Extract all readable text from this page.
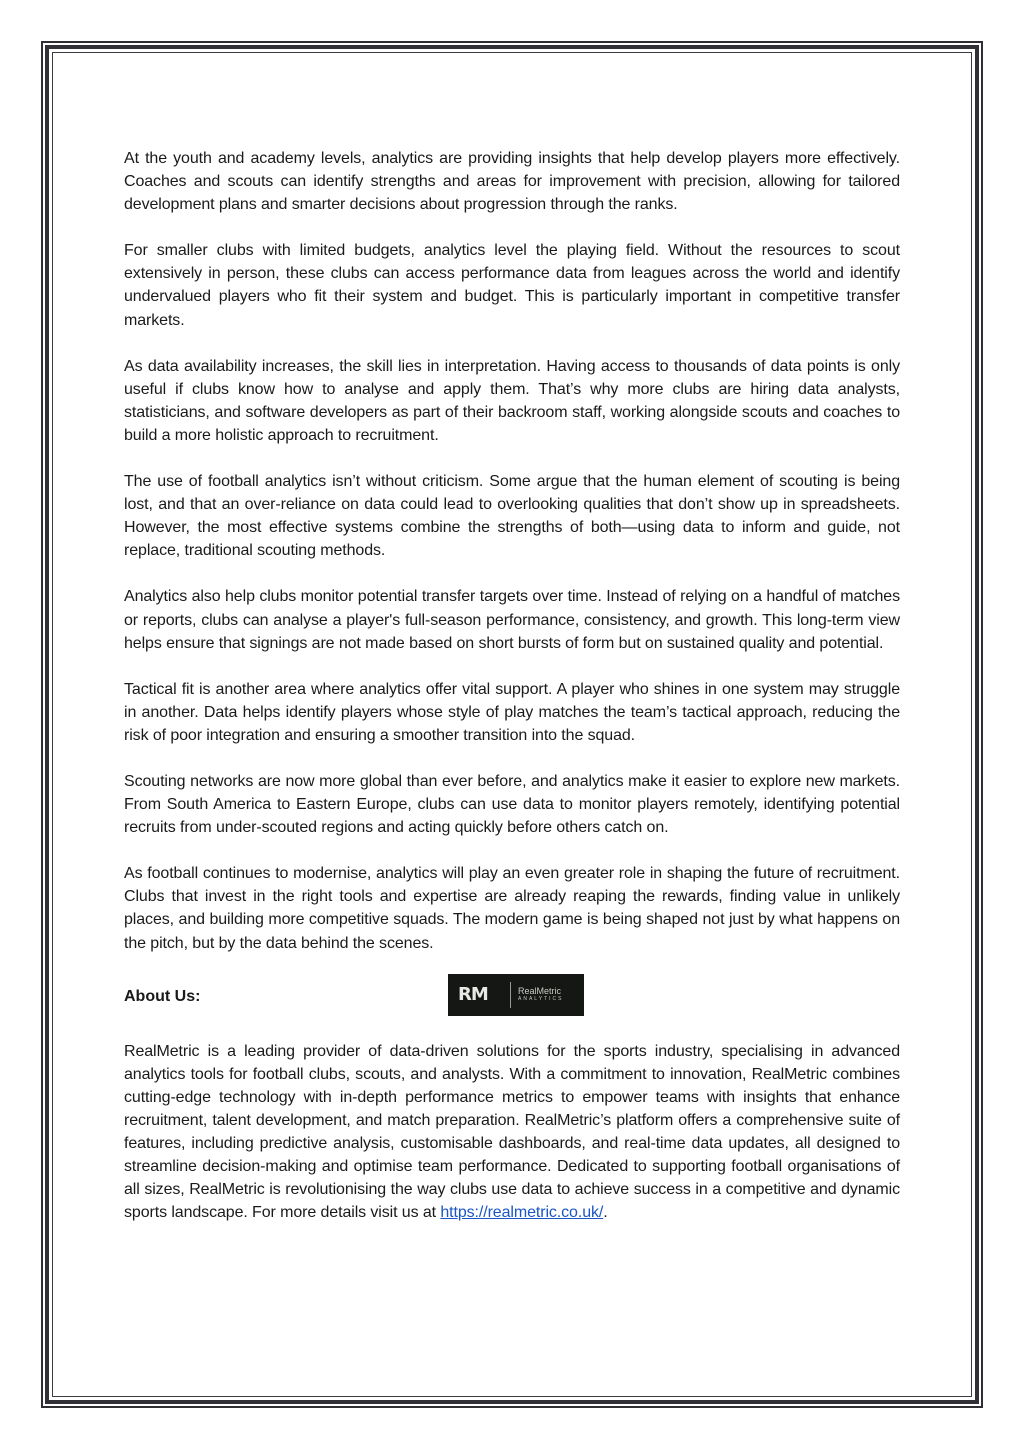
At the youth and academy levels, analytics are providing insights that help develop players more effectively. Coaches and scouts can identify strengths and areas for improvement with precision, allowing for tailored development plans and smarter decisions about progression through the ranks.

For smaller clubs with limited budgets, analytics level the playing field. Without the resources to scout extensively in person, these clubs can access performance data from leagues across the world and identify undervalued players who fit their system and budget. This is particularly important in competitive transfer markets.

As data availability increases, the skill lies in interpretation. Having access to thousands of data points is only useful if clubs know how to analyse and apply them. That’s why more clubs are hiring data analysts, statisticians, and software developers as part of their backroom staff, working alongside scouts and coaches to build a more holistic approach to recruitment.

The use of football analytics isn’t without criticism. Some argue that the human element of scouting is being lost, and that an over-reliance on data could lead to overlooking qualities that don’t show up in spreadsheets. However, the most effective systems combine the strengths of both—using data to inform and guide, not replace, traditional scouting methods.

Analytics also help clubs monitor potential transfer targets over time. Instead of relying on a handful of matches or reports, clubs can analyse a player's full-season performance, consistency, and growth. This long-term view helps ensure that signings are not made based on short bursts of form but on sustained quality and potential.

Tactical fit is another area where analytics offer vital support. A player who shines in one system may struggle in another. Data helps identify players whose style of play matches the team’s tactical approach, reducing the risk of poor integration and ensuring a smoother transition into the squad.

Scouting networks are now more global than ever before, and analytics make it easier to explore new markets. From South America to Eastern Europe, clubs can use data to monitor players remotely, identifying potential recruits from under-scouted regions and acting quickly before others catch on.

As football continues to modernise, analytics will play an even greater role in shaping the future of recruitment. Clubs that invest in the right tools and expertise are already reaping the rewards, finding value in unlikely places, and building more competitive squads. The modern game is being shaped not just by what happens on the pitch, but by the data behind the scenes.

About Us:	RM	RealMetric
ANALYTICS

RealMetric is a leading provider of data-driven solutions for the sports industry, specialising in advanced analytics tools for football clubs, scouts, and analysts. With a commitment to innovation, RealMetric combines cutting-edge technology with in-depth performance metrics to empower teams with insights that enhance recruitment, talent development, and match preparation. RealMetric’s platform offers a comprehensive suite of features, including predictive analysis, customisable dashboards, and real-time data updates, all designed to streamline decision-making and optimise team performance. Dedicated to supporting football organisations of all sizes, RealMetric is revolutionising the way clubs use data to achieve success in a competitive and dynamic sports landscape. For more details visit us at https://realmetric.co.uk/.
